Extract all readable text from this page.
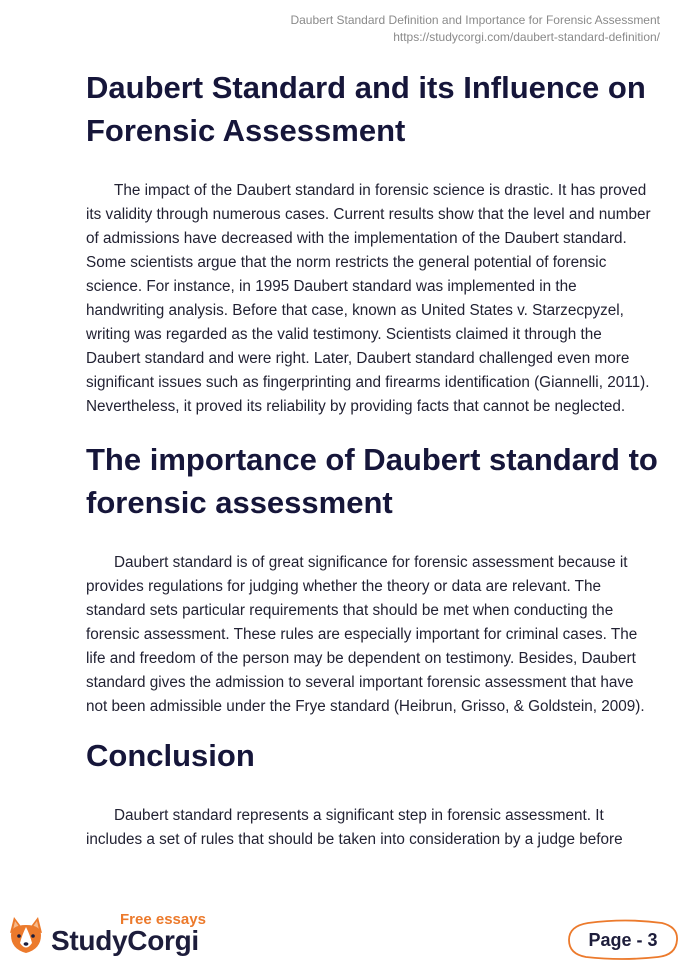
Daubert Standard Definition and Importance for Forensic Assessment
https://studycorgi.com/daubert-standard-definition/
Daubert Standard and its Influence on Forensic Assessment

The impact of the Daubert standard in forensic science is drastic. It has proved its validity through numerous cases. Current results show that the level and number of admissions have decreased with the implementation of the Daubert standard. Some scientists argue that the norm restricts the general potential of forensic science. For instance, in 1995 Daubert standard was implemented in the handwriting analysis. Before that case, known as United States v. Starzecpyzel, writing was regarded as the valid testimony. Scientists claimed it through the Daubert standard and were right. Later, Daubert standard challenged even more significant issues such as fingerprinting and firearms identification (Giannelli, 2011). Nevertheless, it proved its reliability by providing facts that cannot be neglected.

The importance of Daubert standard to forensic assessment

Daubert standard is of great significance for forensic assessment because it provides regulations for judging whether the theory or data are relevant. The standard sets particular requirements that should be met when conducting the forensic assessment. These rules are especially important for criminal cases. The life and freedom of the person may be dependent on testimony. Besides, Daubert standard gives the admission to several important forensic assessment that have not been admissible under the Frye standard (Heibrun, Grisso, & Goldstein, 2009).

Conclusion

Daubert standard represents a significant step in forensic assessment. It includes a set of rules that should be taken into consideration by a judge before

Free essays
StudyCorgi	Page - 3
